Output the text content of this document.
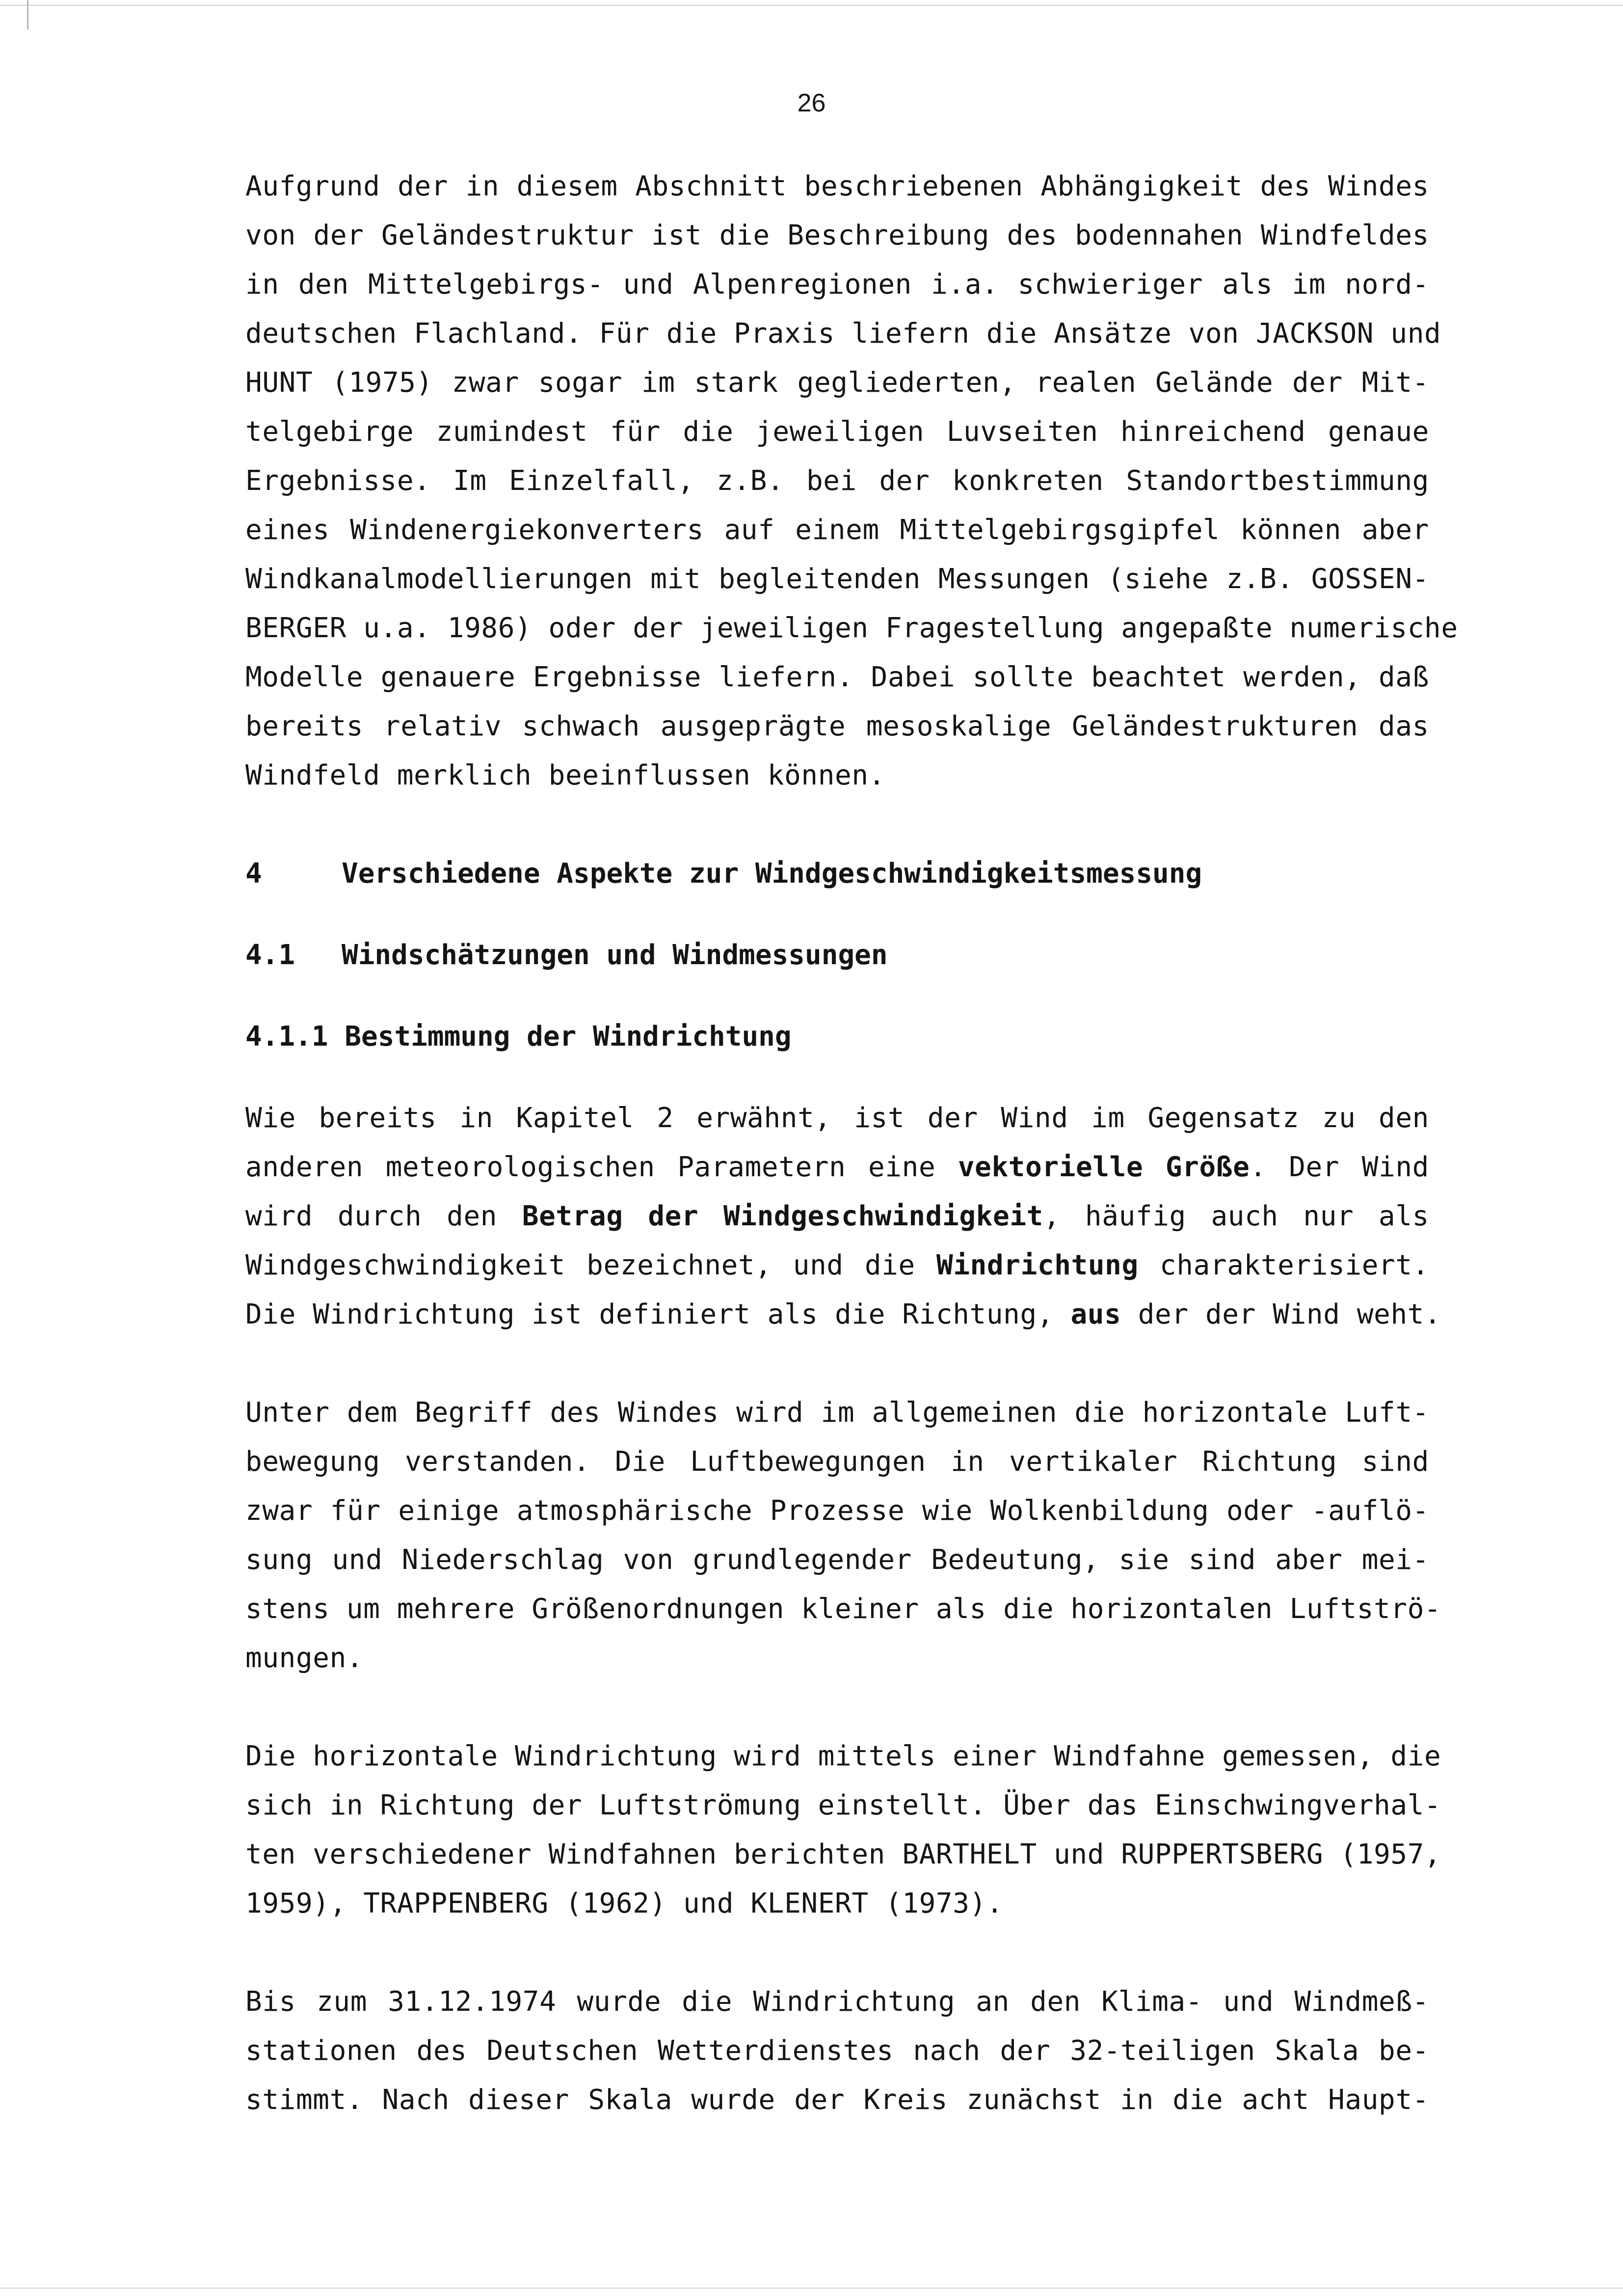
26
Aufgrund der in diesem Abschnitt beschriebenen Abhängigkeit des Windes
von der Geländestruktur ist die Beschreibung des bodennahen Windfeldes
in den Mittelgebirgs- und Alpenregionen i.a. schwieriger als im nord-
deutschen Flachland. Für die Praxis liefern die Ansätze von JACKSON und
HUNT (1975) zwar sogar im stark gegliederten, realen Gelände der Mit-
telgebirge zumindest für die jeweiligen Luvseiten hinreichend genaue
Ergebnisse. Im Einzelfall, z.B. bei der konkreten Standortbestimmung
eines Windenergiekonverters auf einem Mittelgebirgsgipfel können aber
Windkanalmodellierungen mit begleitenden Messungen (siehe z.B. GOSSEN-
BERGER u.a. 1986) oder der jeweiligen Fragestellung angepaßte numerische
Modelle genauere Ergebnisse liefern. Dabei sollte beachtet werden, daß
bereits relativ schwach ausgeprägte mesoskalige Geländestrukturen das
Windfeld merklich beeinflussen können.
4	Verschiedene Aspekte zur Windgeschwindigkeitsmessung
4.1 Windschätzungen und Windmessungen
4.1.1 Bestimmung der Windrichtung
Wie bereits in Kapitel 2 erwähnt, ist der Wind im Gegensatz zu den
anderen meteorologischen Parametern eine vektorielle Größe. Der Wind
wird durch den Betrag der Windgeschwindigkeit, häufig auch nur als
Windgeschwindigkeit bezeichnet, und die Windrichtung charakterisiert.
Die Windrichtung ist definiert als die Richtung, aus der der Wind weht.
Unter dem Begriff des Windes wird im allgemeinen die horizontale Luft-
bewegung verstanden. Die Luftbewegungen in vertikaler Richtung sind
zwar für einige atmosphärische Prozesse wie Wolkenbildung oder -auflö-
sung und Niederschlag von grundlegender Bedeutung, sie sind aber mei-
stens um mehrere Größenordnungen kleiner als die horizontalen Luftströ-
mungen.
Die horizontale Windrichtung wird mittels einer Windfahne gemessen, die
sich in Richtung der Luftströmung einstellt. Über das Einschwingverhal-
ten verschiedener Windfahnen berichten BARTHELT und RUPPERTSBERG (1957,
1959), TRAPPENBERG (1962) und KLENERT (1973).
Bis zum 31.12.1974 wurde die Windrichtung an den Klima- und Windmeß-
stationen des Deutschen Wetterdienstes nach der 32-teiligen Skala be-
stimmt. Nach dieser Skala wurde der Kreis zunächst in die acht Haupt-
